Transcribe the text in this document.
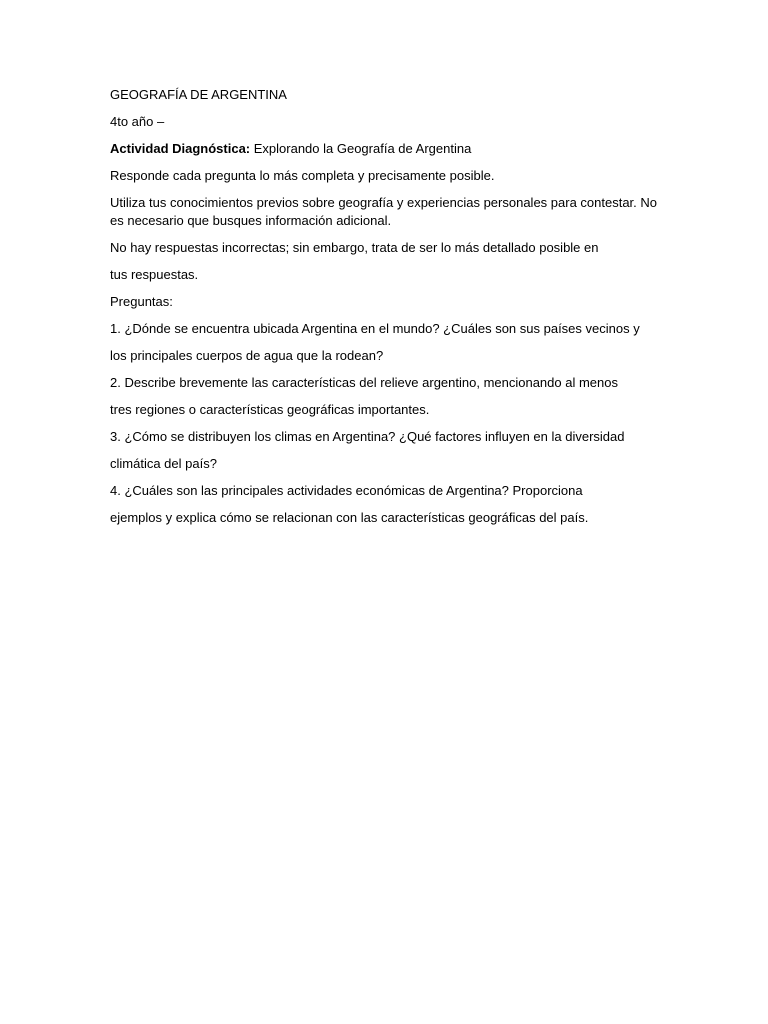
GEOGRAFÍA DE ARGENTINA

4to año –

Actividad Diagnóstica: Explorando la Geografía de Argentina

Responde cada pregunta lo más completa y precisamente posible.

Utiliza tus conocimientos previos sobre geografía y experiencias personales para contestar. No es necesario que busques información adicional.

No hay respuestas incorrectas; sin embargo, trata de ser lo más detallado posible en

tus respuestas.

Preguntas:

1. ¿Dónde se encuentra ubicada Argentina en el mundo? ¿Cuáles son sus países vecinos y

los principales cuerpos de agua que la rodean?

2. Describe brevemente las características del relieve argentino, mencionando al menos

tres regiones o características geográficas importantes.

3. ¿Cómo se distribuyen los climas en Argentina? ¿Qué factores influyen en la diversidad

climática del país?

4. ¿Cuáles son las principales actividades económicas de Argentina? Proporciona

ejemplos y explica cómo se relacionan con las características geográficas del país.
